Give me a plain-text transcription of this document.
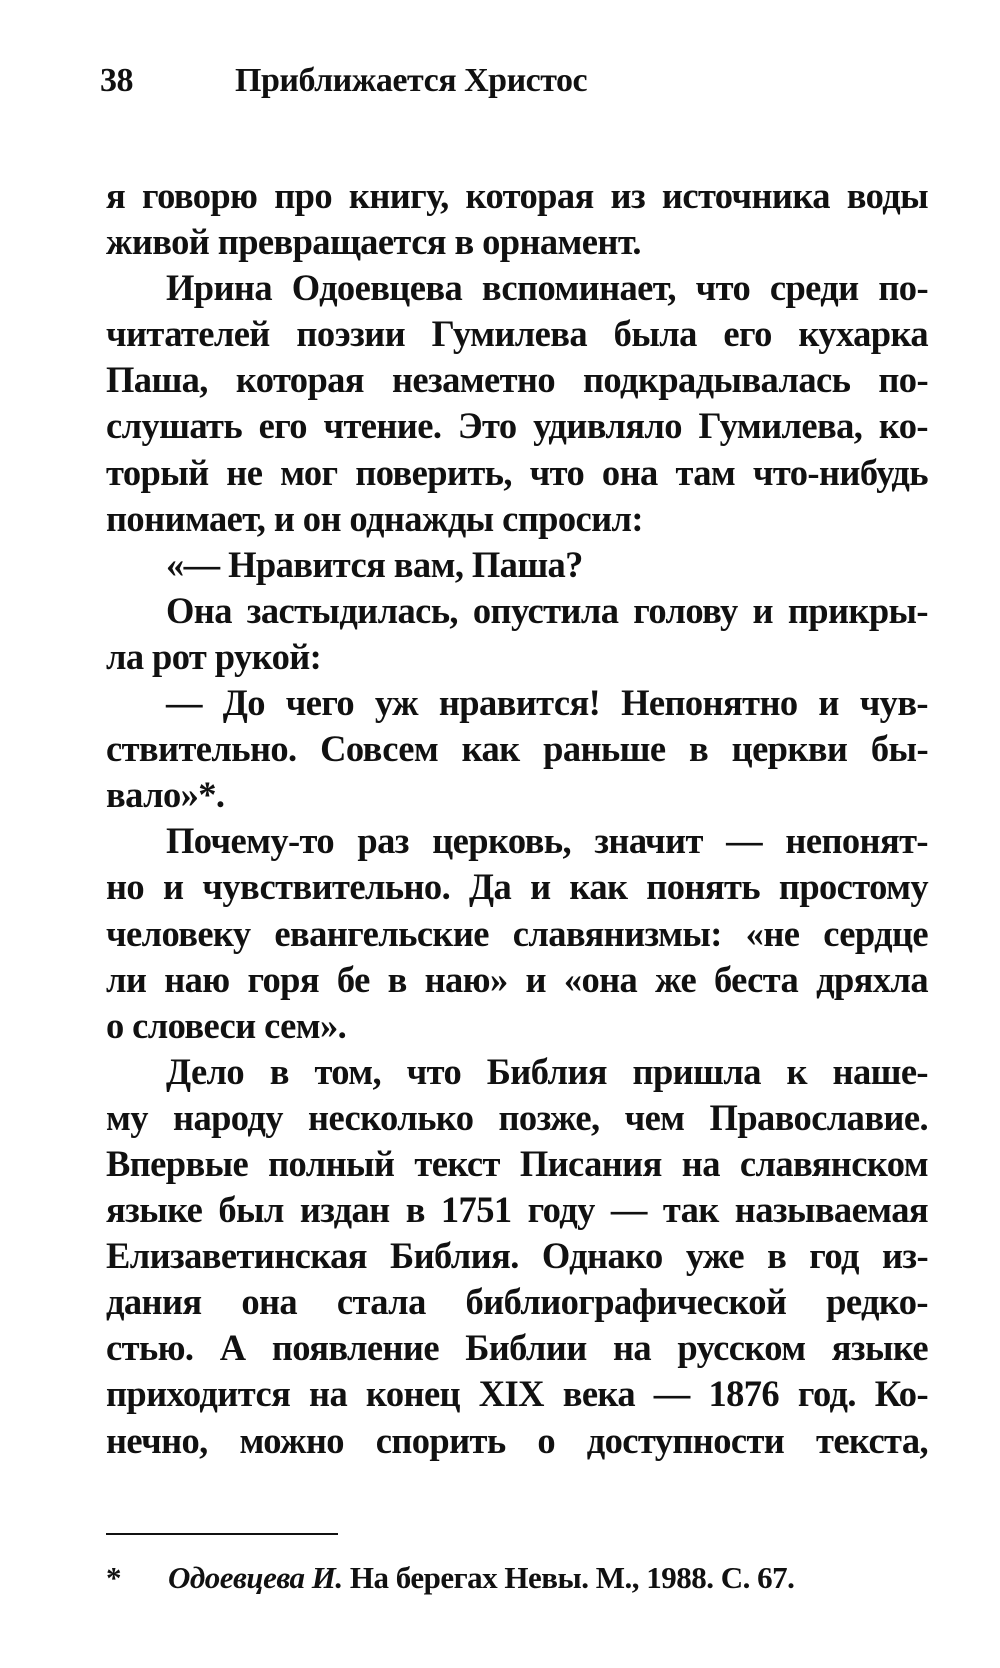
38	Приближается Христос
я говорю про книгу, которая из источника воды
живой превращается в орнамент.
Ирина Одоевцева вспоминает, что среди по-
читателей поэзии Гумилева была его кухарка
Паша, которая незаметно подкрадывалась по-
слушать его чтение. Это удивляло Гумилева, ко-
торый не мог поверить, что она там что-нибудь
понимает, и он однажды спросил:
«— Нравится вам, Паша?
Она застыдилась, опустила голову и прикры-
ла рот рукой:
— До чего уж нравится! Непонятно и чув-
ствительно. Совсем как раньше в церкви бы-
вало»*.
Почему-то раз церковь, значит — непонят-
но и чувствительно. Да и как понять простому
человеку евангельские славянизмы: «не сердце
ли наю горя бе в наю» и «она же беста дряхла
о словеси сем».
Дело в том, что Библия пришла к наше-
му народу несколько позже, чем Православие.
Впервые полный текст Писания на славянском
языке был издан в 1751 году — так называемая
Елизаветинская Библия. Однако уже в год из-
дания она стала библиографической редко-
стью. А появление Библии на русском языке
приходится на конец XIX века — 1876 год. Ко-
нечно, можно спорить о доступности текста,
* Одоевцева И. На берегах Невы. М., 1988. С. 67.
